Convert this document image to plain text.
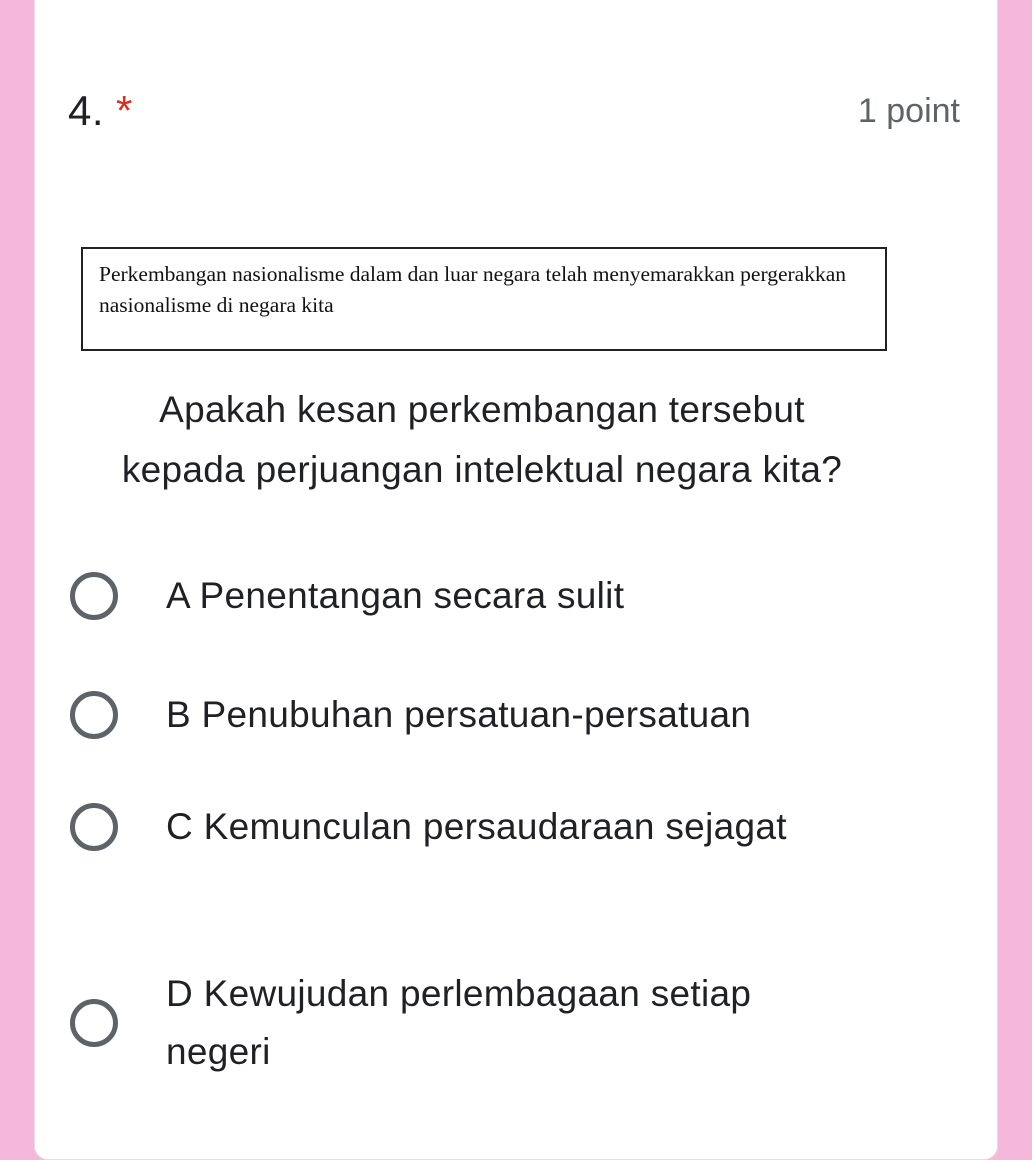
4. *	1 point
Perkembangan nasionalisme dalam dan luar negara telah menyemarakkan pergerakkan nasionalisme di negara kita
Apakah kesan perkembangan tersebut kepada perjuangan intelektual negara kita?
A Penentangan secara sulit
B Penubuhan persatuan-persatuan
C Kemunculan persaudaraan sejagat
D Kewujudan perlembagaan setiap negeri
